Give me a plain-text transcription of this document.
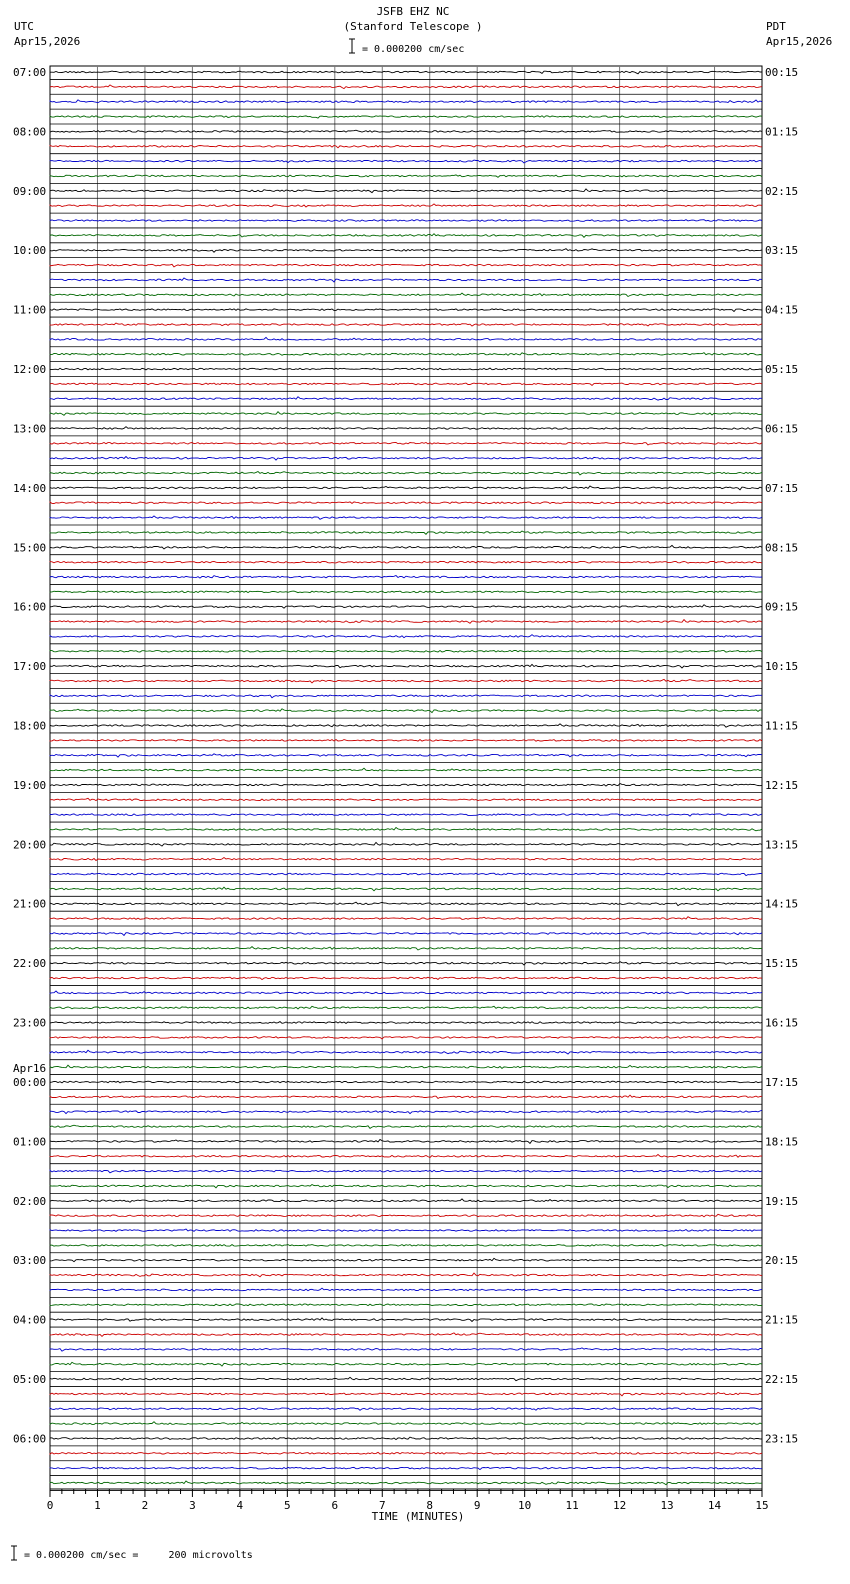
UTC
Apr15,2026
PDT
Apr15,2026
JSFB EHZ NC
(Stanford Telescope )
= 0.000200 cm/sec
= 0.000200 cm/sec =     200 microvolts
07:00	00:15
08:00	01:15
09:00	02:15
10:00	03:15
11:00	04:15
12:00	05:15
13:00	06:15
14:00	07:15
15:00	08:15
16:00	09:15
17:00	10:15
18:00	11:15
19:00	12:15
20:00	13:15
21:00	14:15
22:00	15:15
23:00	16:15
00:00	17:15
Apr16
01:00	18:15
02:00	19:15
03:00	20:15
04:00	21:15
05:00	22:15
06:00	23:15
0	1	2	3	4	5	6	7	8	9	10	11	12	13	14	15
TIME (MINUTES)
